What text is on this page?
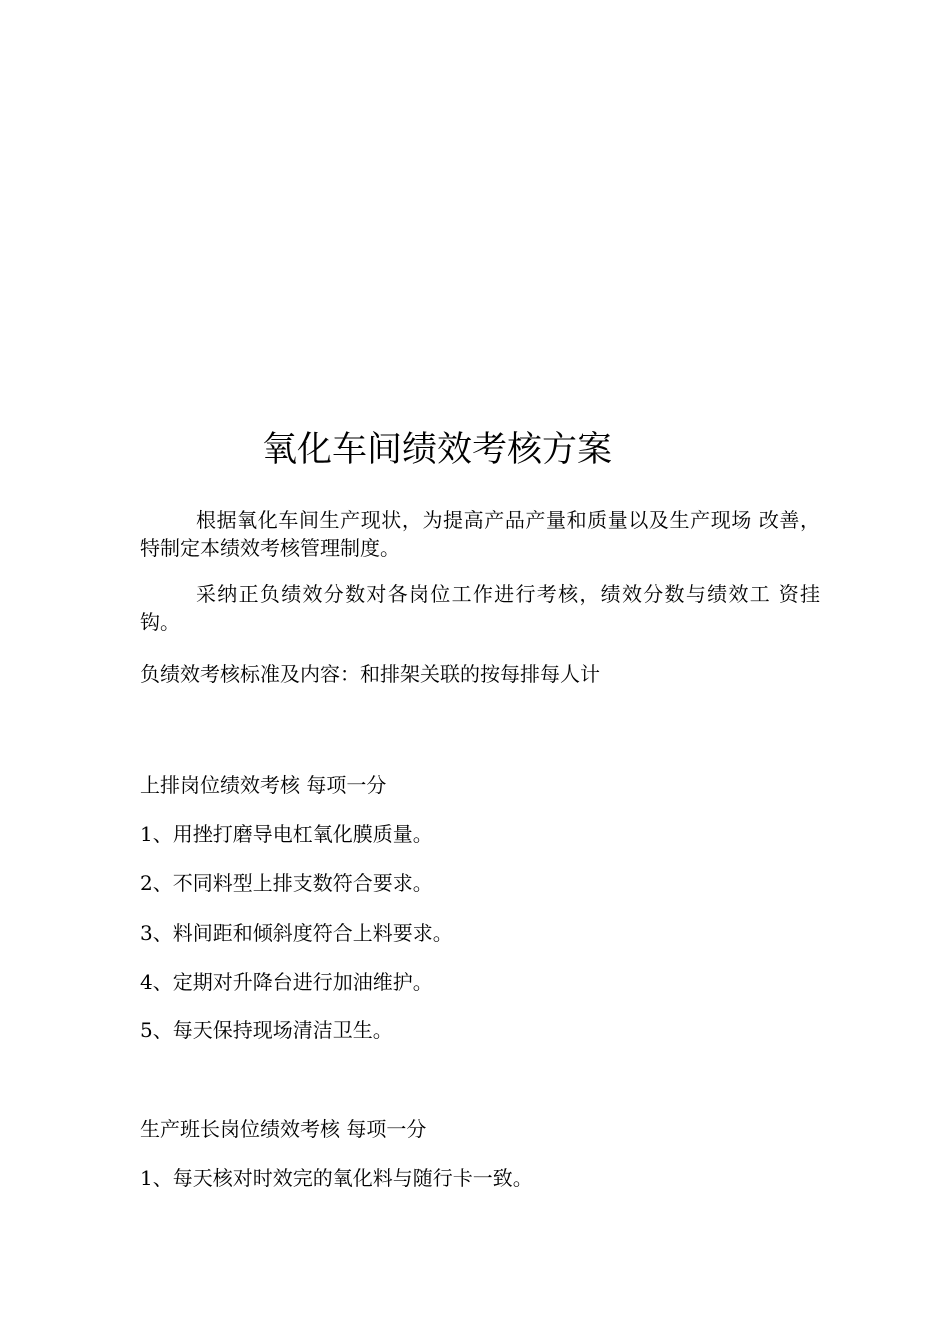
氧化车间绩效考核方案
根据氧化车间生产现状，为提高产品产量和质量以及生产现场 改善，特制定本绩效考核管理制度。
采纳正负绩效分数对各岗位工作进行考核，绩效分数与绩效工 资挂钩。
负绩效考核标准及内容：和排架关联的按每排每人计
上排岗位绩效考核 每项一分
1、用挫打磨导电杠氧化膜质量。
2、不同料型上排支数符合要求。
3、料间距和倾斜度符合上料要求。
4、定期对升降台进行加油维护。
5、每天保持现场清洁卫生。
生产班长岗位绩效考核 每项一分
1、每天核对时效完的氧化料与随行卡一致。
